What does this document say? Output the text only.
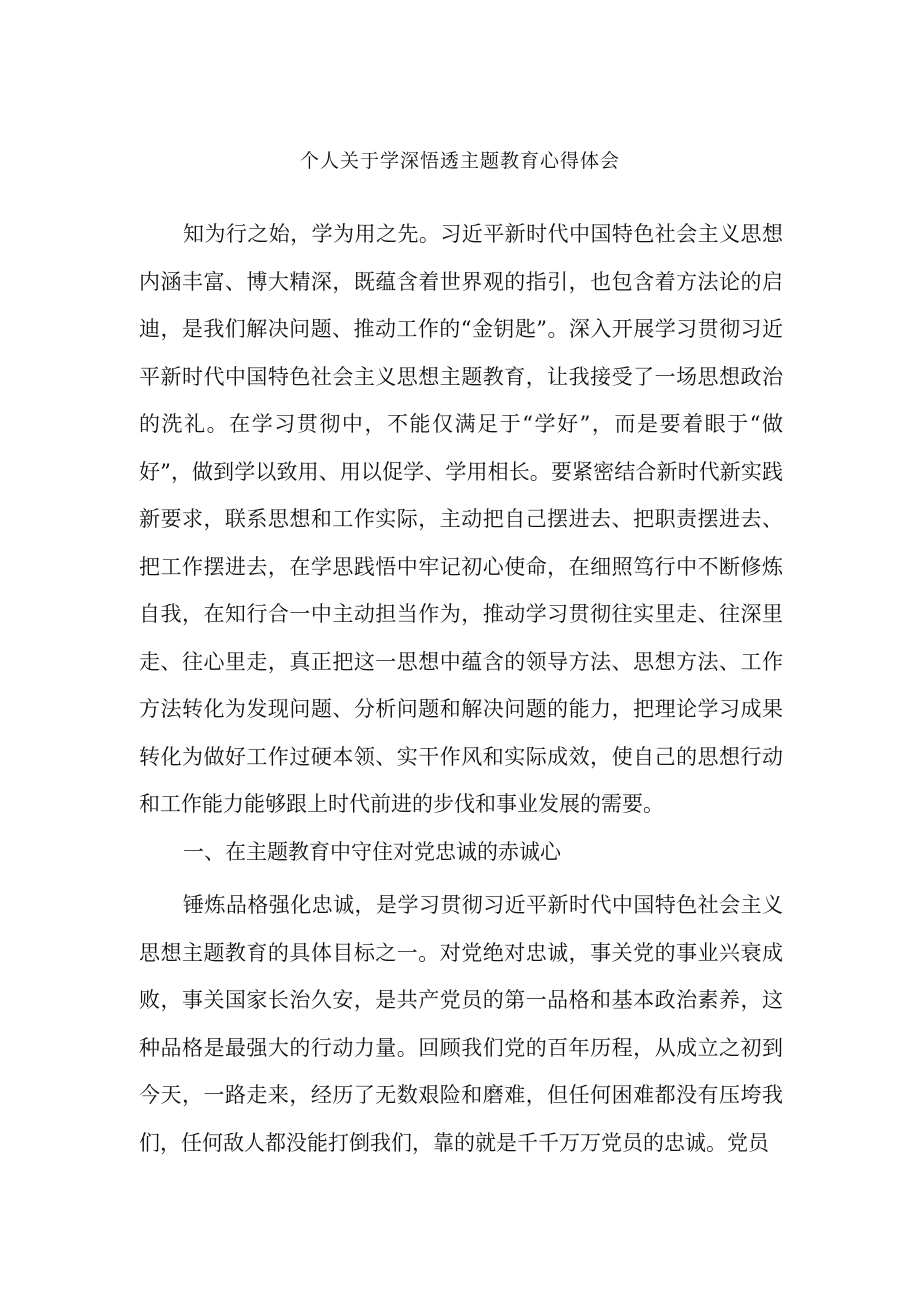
个人关于学深悟透主题教育心得体会

知为行之始，学为用之先。习近平新时代中国特色社会主义思想内涵丰富、博大精深，既蕴含着世界观的指引，也包含着方法论的启迪，是我们解决问题、推动工作的“金钥匙”。深入开展学习贯彻习近平新时代中国特色社会主义思想主题教育，让我接受了一场思想政治的洗礼。在学习贯彻中，不能仅满足于“学好”，而是要着眼于“做好”，做到学以致用、用以促学、学用相长。要紧密结合新时代新实践新要求，联系思想和工作实际，主动把自己摆进去、把职责摆进去、把工作摆进去，在学思践悟中牢记初心使命，在细照笃行中不断修炼自我，在知行合一中主动担当作为，推动学习贯彻往实里走、往深里走、往心里走，真正把这一思想中蕴含的领导方法、思想方法、工作方法转化为发现问题、分析问题和解决问题的能力，把理论学习成果转化为做好工作过硬本领、实干作风和实际成效，使自己的思想行动和工作能力能够跟上时代前进的步伐和事业发展的需要。

一、在主题教育中守住对党忠诚的赤诚心

锤炼品格强化忠诚，是学习贯彻习近平新时代中国特色社会主义思想主题教育的具体目标之一。对党绝对忠诚，事关党的事业兴衰成败，事关国家长治久安，是共产党员的第一品格和基本政治素养，这种品格是最强大的行动力量。回顾我们党的百年历程，从成立之初到今天，一路走来，经历了无数艰险和磨难，但任何困难都没有压垮我们，任何敌人都没能打倒我们，靠的就是千千万万党员的忠诚。党员
